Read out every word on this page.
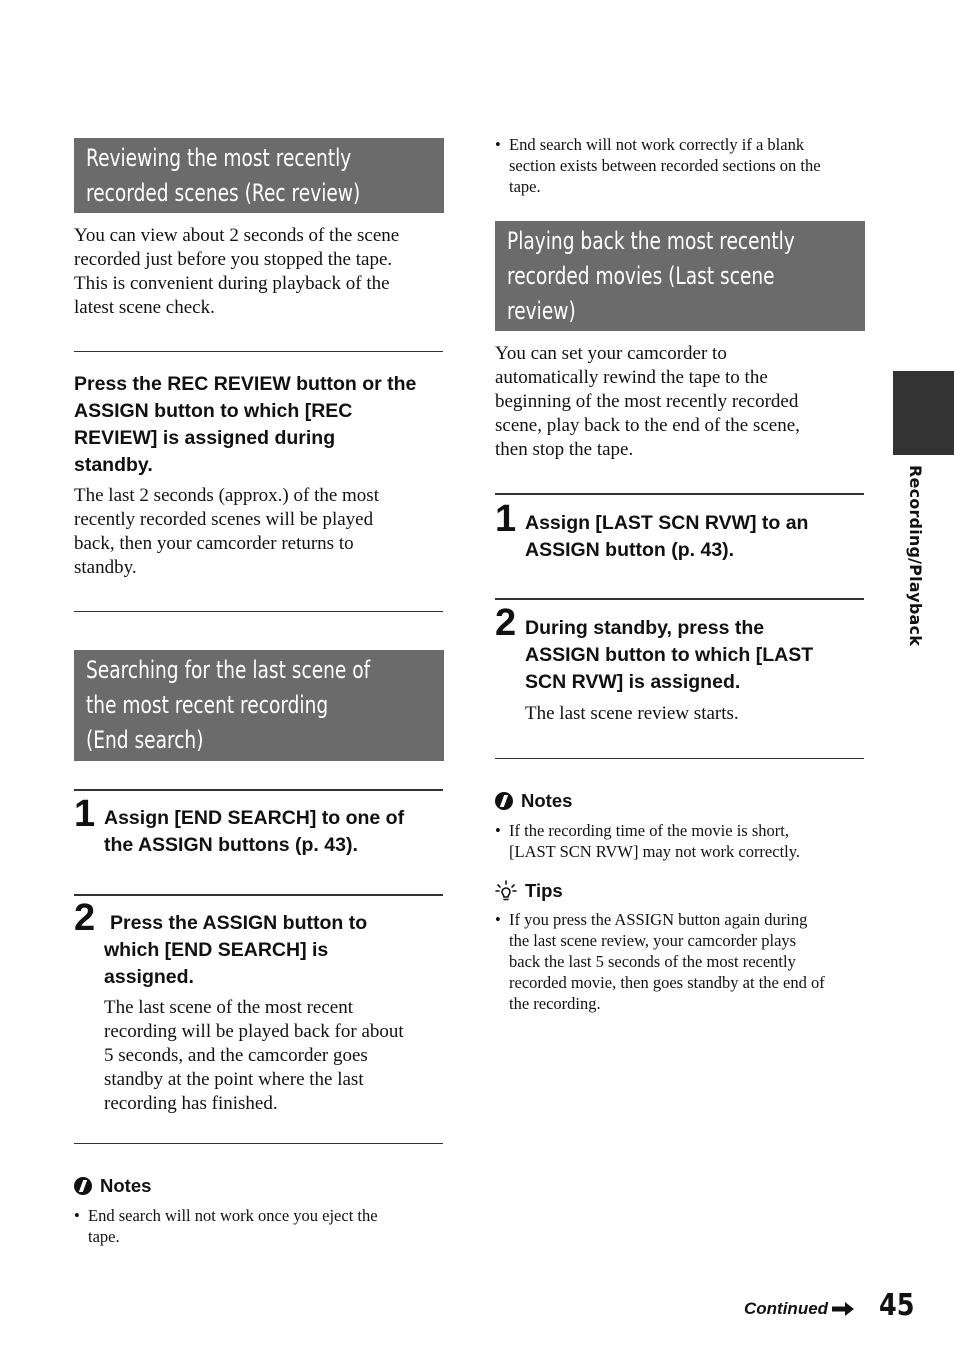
Reviewing the most recently recorded scenes (Rec review)
You can view about 2 seconds of the scene
recorded just before you stopped the tape.
This is convenient during playback of the
latest scene check.
Press the REC REVIEW button or the
ASSIGN button to which [REC
REVIEW] is assigned during
standby.
The last 2 seconds (approx.) of the most
recently recorded scenes will be played
back, then your camcorder returns to
standby.
Searching for the last scene of the most recent recording (End search)
1 Assign [END SEARCH] to one of
the ASSIGN buttons (p. 43).
2 Press the ASSIGN button to
which [END SEARCH] is
assigned.
The last scene of the most recent
recording will be played back for about
5 seconds, and the camcorder goes
standby at the point where the last
recording has finished.
Notes
• End search will not work once you eject the
tape.
• End search will not work correctly if a blank
section exists between recorded sections on the
tape.
Playing back the most recently recorded movies (Last scene review)
You can set your camcorder to
automatically rewind the tape to the
beginning of the most recently recorded
scene, play back to the end of the scene,
then stop the tape.
1 Assign [LAST SCN RVW] to an
ASSIGN button (p. 43).
2 During standby, press the
ASSIGN button to which [LAST
SCN RVW] is assigned.
The last scene review starts.
Notes
• If the recording time of the movie is short,
[LAST SCN RVW] may not work correctly.
Tips
• If you press the ASSIGN button again during
the last scene review, your camcorder plays
back the last 5 seconds of the most recently
recorded movie, then goes standby at the end of
the recording.
Recording/Playback
Continued 45
